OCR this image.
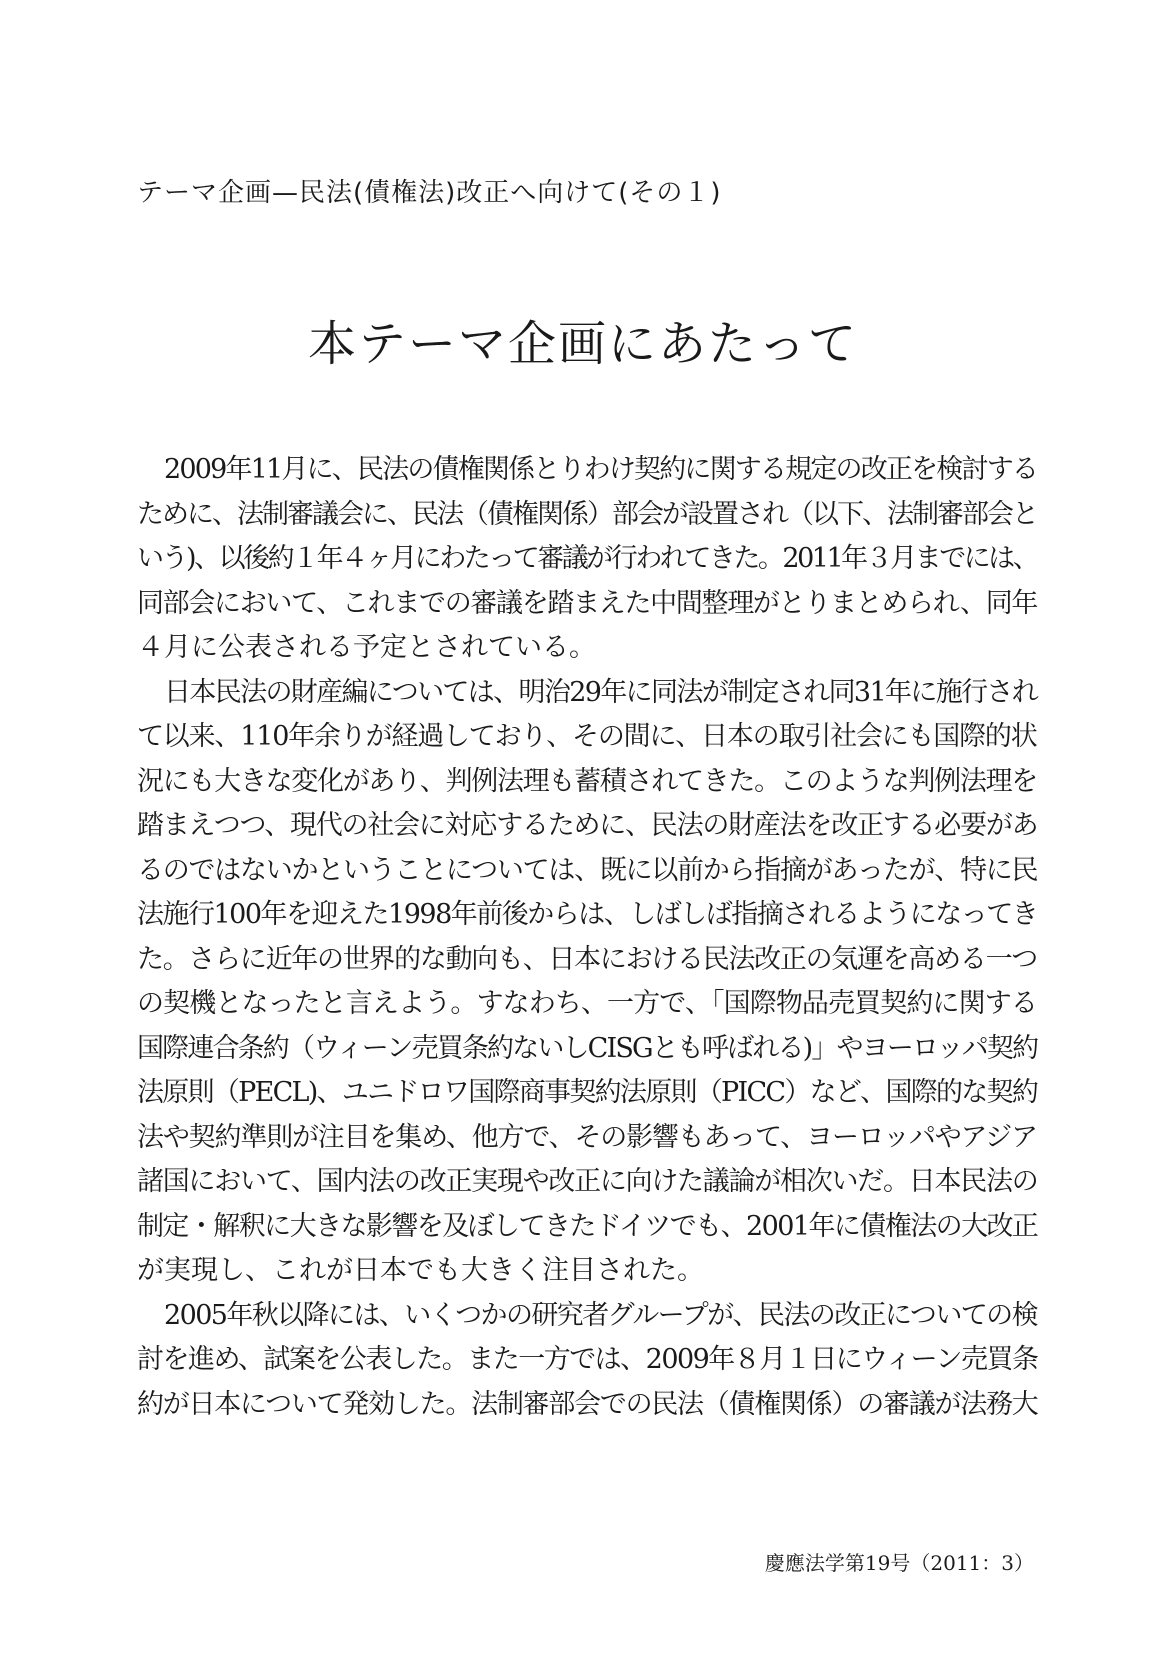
テーマ企画—民法(債権法)改正へ向けて(その１)
本テーマ企画にあたって

2009年11月に、民法の債権関係とりわけ契約に関する規定の改正を検討する
ために、法制審議会に、民法（債権関係）部会が設置され（以下、法制審部会と
いう)、以後約１年４ヶ月にわたって審議が行われてきた。2011年３月までには、
同部会において、これまでの審議を踏まえた中間整理がとりまとめられ、同年
４月に公表される予定とされている。

日本民法の財産編については、明治29年に同法が制定され同31年に施行され
て以来、110年余りが経過しており、その間に、日本の取引社会にも国際的状
況にも大きな変化があり、判例法理も蓄積されてきた。このような判例法理を
踏まえつつ、現代の社会に対応するために、民法の財産法を改正する必要があ
るのではないかということについては、既に以前から指摘があったが、特に民
法施行100年を迎えた1998年前後からは、しばしば指摘されるようになってき
た。さらに近年の世界的な動向も、日本における民法改正の気運を高める一つ
の契機となったと言えよう。すなわち、一方で、「国際物品売買契約に関する
国際連合条約（ウィーン売買条約ないしCISGとも呼ばれる)」やヨーロッパ契約
法原則（PECL)、ユニドロワ国際商事契約法原則（PICC）など、国際的な契約
法や契約準則が注目を集め、他方で、その影響もあって、ヨーロッパやアジア
諸国において、国内法の改正実現や改正に向けた議論が相次いだ。日本民法の
制定・解釈に大きな影響を及ぼしてきたドイツでも、2001年に債権法の大改正
が実現し、これが日本でも大きく注目された。

2005年秋以降には、いくつかの研究者グループが、民法の改正についての検
討を進め、試案を公表した。また一方では、2009年８月１日にウィーン売買条
約が日本について発効した。法制審部会での民法（債権関係）の審議が法務大

慶應法学第19号（2011：3）
